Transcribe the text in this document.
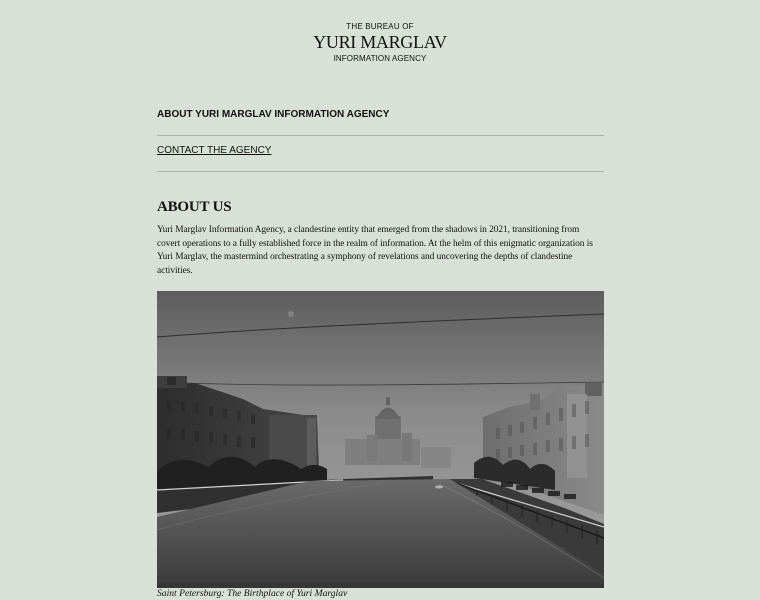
THE BUREAU OF
YURI MARGLAV
INFORMATION AGENCY
ABOUT YURI MARGLAV INFORMATION AGENCY
CONTACT THE AGENCY
ABOUT US

Yuri Marglav Information Agency, a clandestine entity that emerged from the shadows in 2021, transitioning from covert operations to a fully established force in the realm of information. At the helm of this enigmatic organization is Yuri Marglav, the mastermind orchestrating a symphony of revelations and uncovering the depths of clandestine activities.

Saint Petersburg: The Birthplace of Yuri Marglav
